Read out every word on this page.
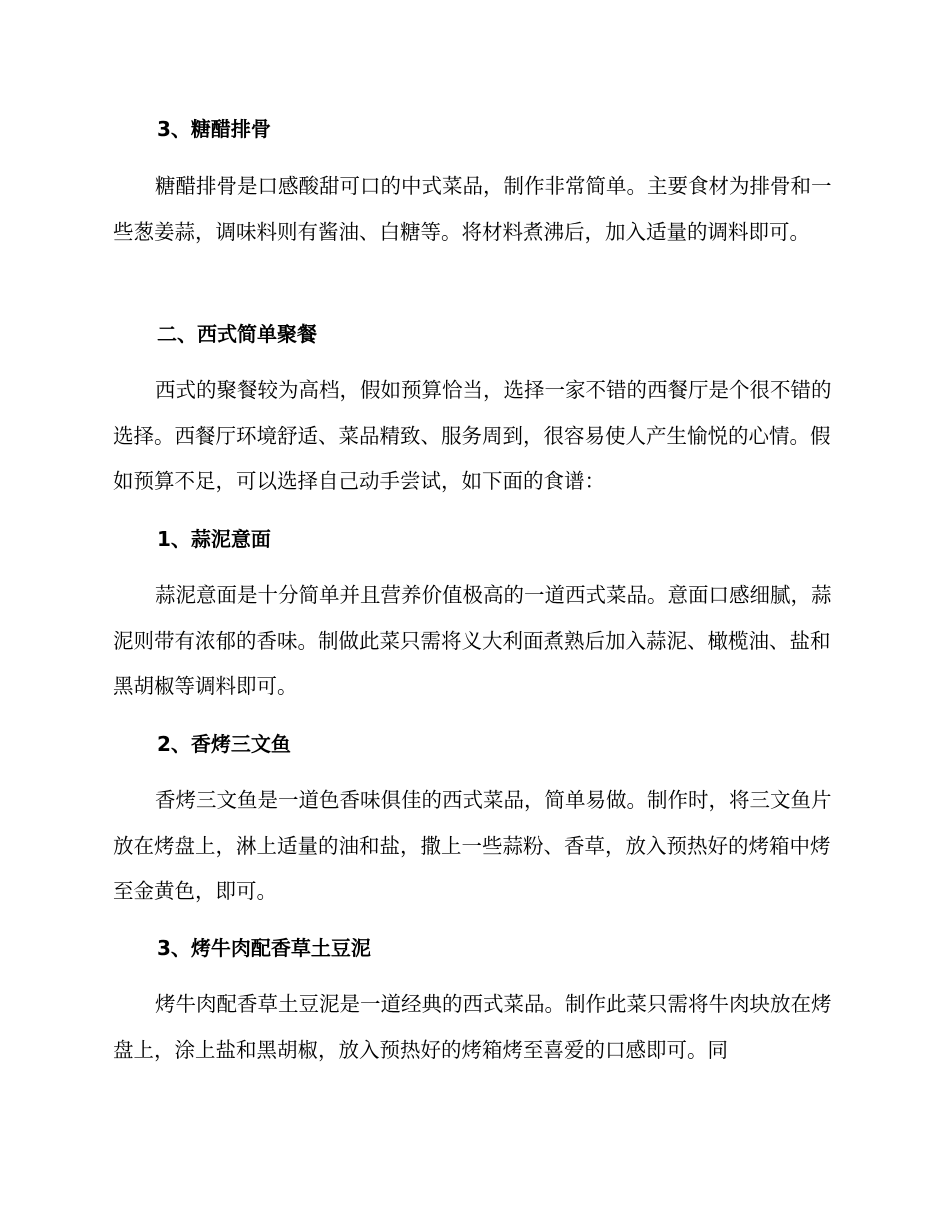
3、糖醋排骨

糖醋排骨是口感酸甜可口的中式菜品，制作非常简单。主要食材为排骨和一些葱姜蒜，调味料则有酱油、白糖等。将材料煮沸后，加入适量的调料即可。

二、西式简单聚餐

西式的聚餐较为高档，假如预算恰当，选择一家不错的西餐厅是个很不错的选择。西餐厅环境舒适、菜品精致、服务周到，很容易使人产生愉悦的心情。假如预算不足，可以选择自己动手尝试，如下面的食谱：

1、蒜泥意面

蒜泥意面是十分简单并且营养价值极高的一道西式菜品。意面口感细腻，蒜泥则带有浓郁的香味。制做此菜只需将义大利面煮熟后加入蒜泥、橄榄油、盐和黑胡椒等调料即可。

2、香烤三文鱼

香烤三文鱼是一道色香味俱佳的西式菜品，简单易做。制作时，将三文鱼片放在烤盘上，淋上适量的油和盐，撒上一些蒜粉、香草，放入预热好的烤箱中烤至金黄色，即可。

3、烤牛肉配香草土豆泥

烤牛肉配香草土豆泥是一道经典的西式菜品。制作此菜只需将牛肉块放在烤盘上，涂上盐和黑胡椒，放入预热好的烤箱烤至喜爱的口感即可。同
